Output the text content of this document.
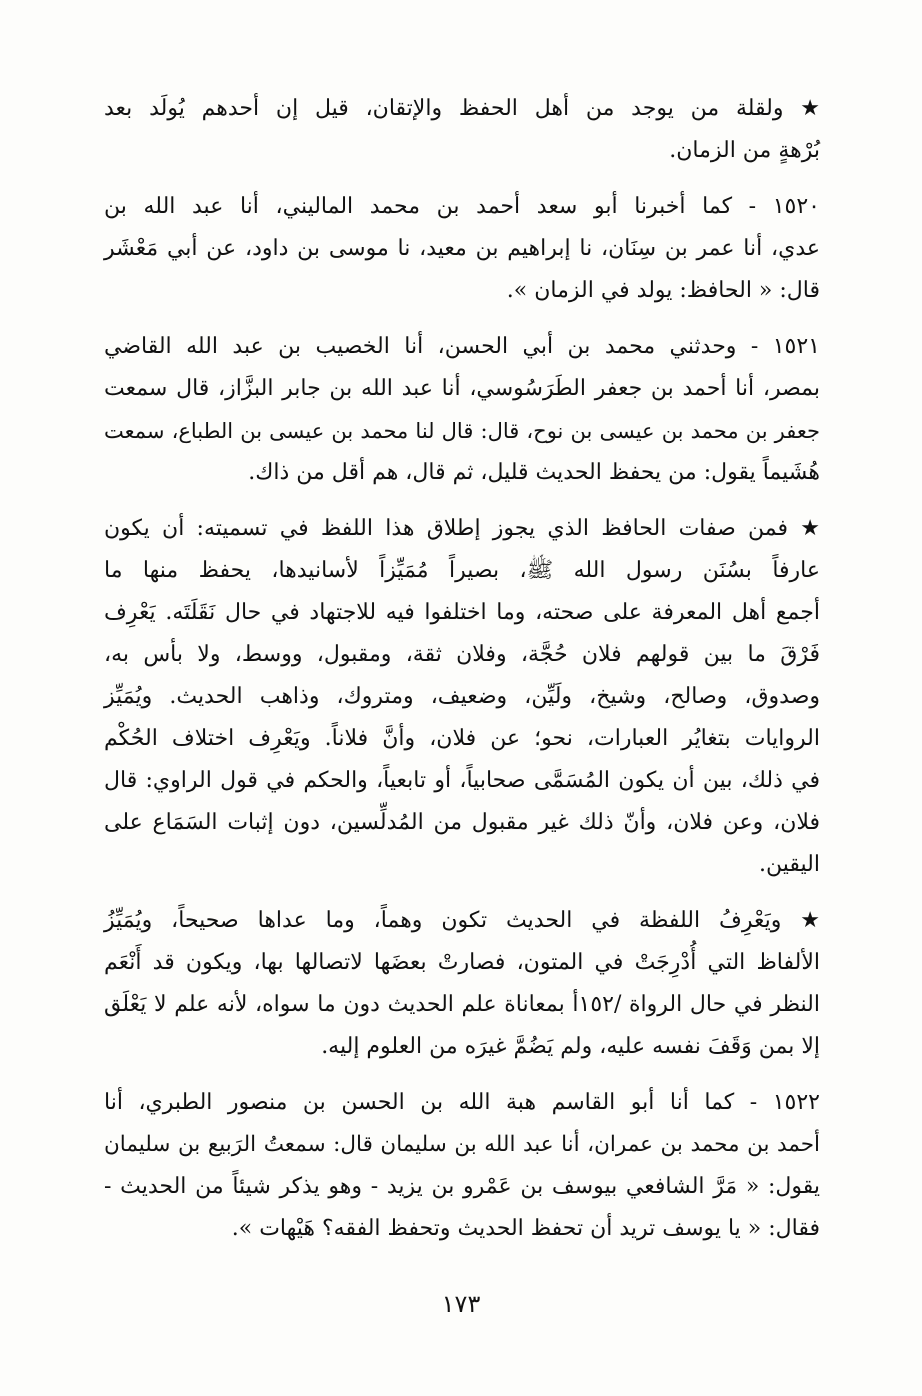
★ ولقلة من يوجد من أهل الحفظ والإتقان، قيل إن أحدهم يُولَد بعد
بُرْهةٍ من الزمان.
١٥٢٠ - كما أخبرنا أبو سعد أحمد بن محمد الماليني، أنا عبد الله بن
عدي، أنا عمر بن سِنَان، نا إبراهيم بن معيد، نا موسى بن داود، عن أبي مَعْشَر
قال: « الحافظ: يولد في الزمان ».
١٥٢١ - وحدثني محمد بن أبي الحسن، أنا الخصيب بن عبد الله القاضي
بمصر، أنا أحمد بن جعفر الطَرَسُوسي، أنا عبد الله بن جابر البزَّاز، قال سمعت
جعفر بن محمد بن عيسى بن نوح، قال: قال لنا محمد بن عيسى بن الطباع، سمعت
هُشَيماً يقول: من يحفظ الحديث قليل، ثم قال، هم أقل من ذاك.
★ فمن صفات الحافظ الذي يجوز إطلاق هذا اللفظ في تسميته: أن يكون
عارفاً بسُنَن رسول الله ﷺ، بصيراً مُمَيِّزاً لأسانيدها، يحفظ منها ما
أجمع أهل المعرفة على صحته، وما اختلفوا فيه للاجتهاد في حال نَقَلَتَه. يَعْرِف
فَرْقَ ما بين قولهم فلان حُجَّة، وفلان ثقة، ومقبول، ووسط، ولا بأس به،
وصدوق، وصالح، وشيخ، ولَيِّن، وضعيف، ومتروك، وذاهب الحديث. ويُمَيِّز
الروايات بتغايُر العبارات، نحو؛ عن فلان، وأنَّ فلاناً. ويَعْرِف اختلاف الحُكْم
في ذلك، بين أن يكون المُسَمَّى صحابياً، أو تابعياً، والحكم في قول الراوي: قال
فلان، وعن فلان، وأنّ ذلك غير مقبول من المُدلِّسين، دون إثبات السَمَاع على
اليقين.
★ ويَعْرِفُ اللفظة في الحديث تكون وهماً، وما عداها صحيحاً، ويُمَيِّزُ
الألفاظ التي أُدْرِجَتْ في المتون، فصارتْ بعضَها لاتصالها بها، ويكون قد أَنْعَم
النظر في حال الرواة /١٥٢أ بمعاناة علم الحديث دون ما سواه، لأنه علم لا يَعْلَق
إلا بمن وَقَفَ نفسه عليه، ولم يَضُمَّ غيرَه من العلوم إليه.
١٥٢٢ - كما أنا أبو القاسم هبة الله بن الحسن بن منصور الطبري، أنا
أحمد بن محمد بن عمران، أنا عبد الله بن سليمان قال: سمعتُ الرَبيع بن سليمان
يقول: « مَرَّ الشافعي بيوسف بن عَمْرو بن يزيد - وهو يذكر شيئاً من الحديث -
فقال: « يا يوسف تريد أن تحفظ الحديث وتحفظ الفقه؟ هَيْهات ».
١٧٣
